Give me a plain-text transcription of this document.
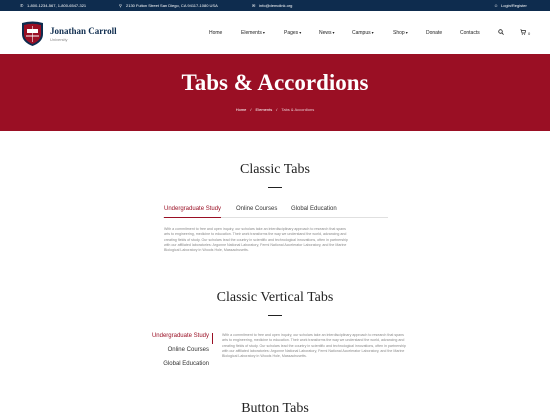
✆ 1-800-1234-567, 1-800-6547-321	⚲	2130 Fulton Street San Diego, CA 94117-1080 USA	✉ info@demolink.org	☺ Login/Register
Jonathan Carroll
University
Home	Elements▾	Pages▾	News▾	Campus▾	Shop▾	Donate	Contacts	0
Tabs & Accordions
Home / Elements / Tabs & Accordions
Classic Tabs
Undergraduate Study Online Courses Global Education
With a commitment to free and open inquiry, our scholars take an interdisciplinary approach to research that spans
arts to engineering, medicine to education. Their work transforms the way we understand the world, advancing and
creating fields of study. Our scholars lead the country in scientific and technological innovations, often in partnership
with our affiliated laboratories: Argonne National Laboratory, Fermi National Accelerator Laboratory, and the Marine
Biological Laboratory in Woods Hole, Massachusetts.
Classic Vertical Tabs
Undergraduate Study
Online Courses
Global Education
With a commitment to free and open inquiry, our scholars take an interdisciplinary approach to research that spans
arts to engineering, medicine to education. Their work transforms the way we understand the world, advancing and
creating fields of study. Our scholars lead the country in scientific and technological innovations, often in partnership
with our affiliated laboratories: Argonne National Laboratory, Fermi National Accelerator Laboratory, and the Marine
Biological Laboratory in Woods Hole, Massachusetts.
Button Tabs
